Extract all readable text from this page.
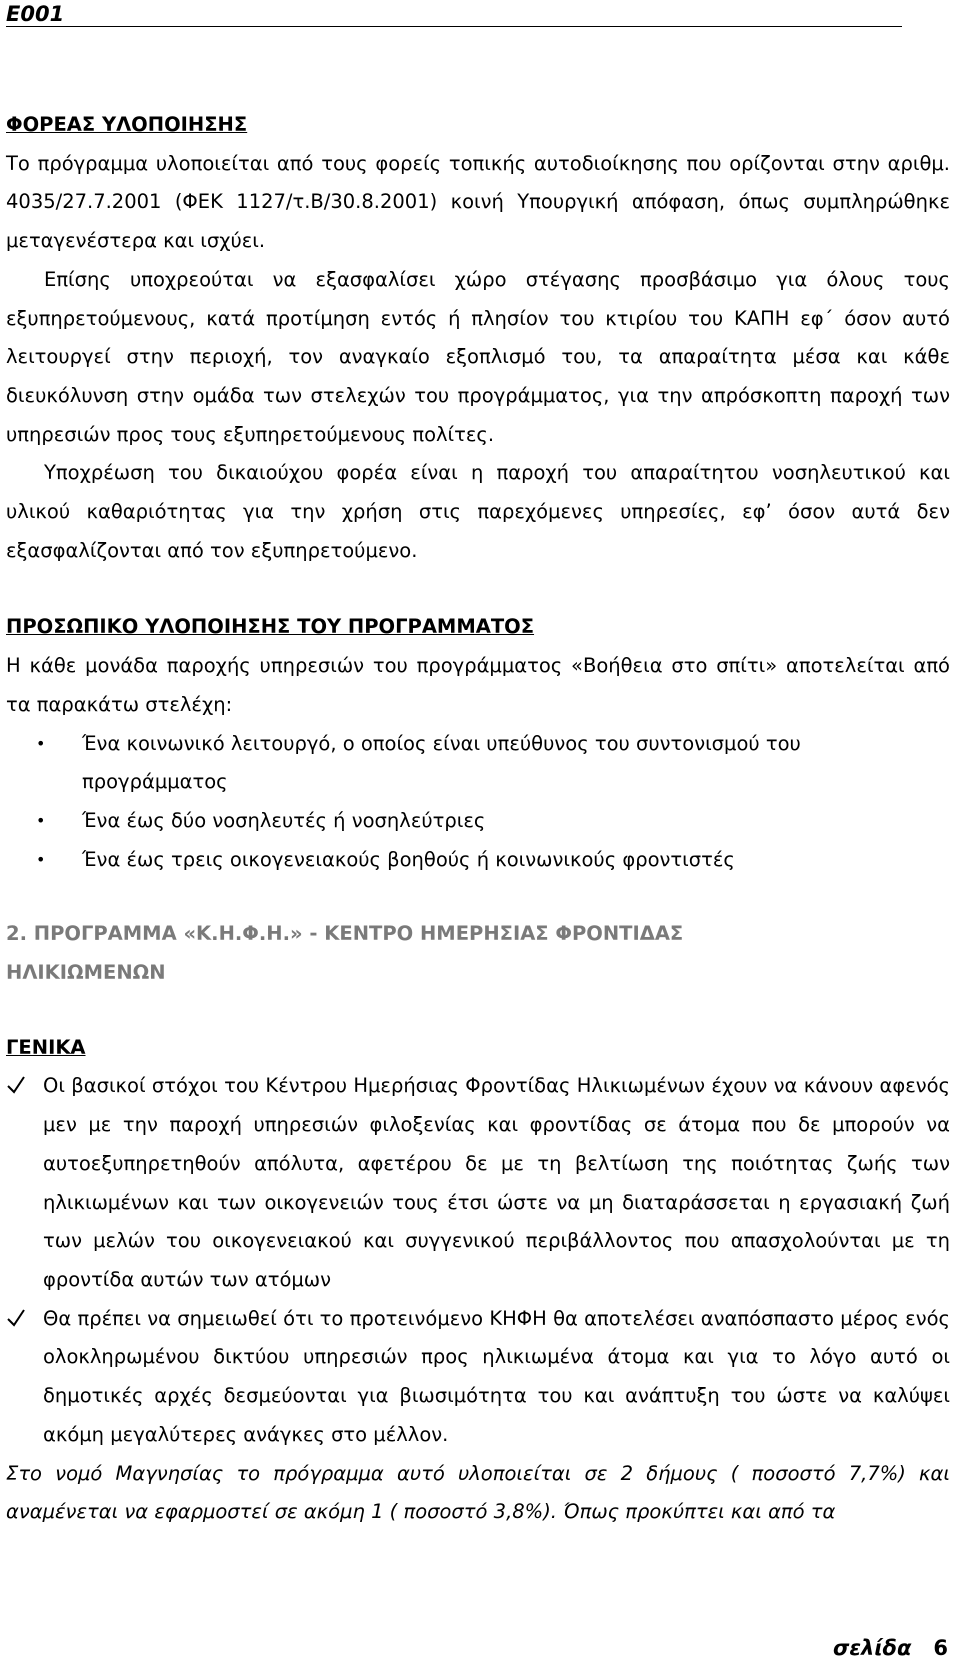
Ε001
ΦΟΡΕΑΣ ΥΛΟΠΟΙΗΣΗΣ

Το πρόγραμμα υλοποιείται από τους φορείς τοπικής αυτοδιοίκησης που ορίζονται στην αριθμ. 4035/27.7.2001 (ΦΕΚ 1127/τ.Β/30.8.2001) κοινή Υπουργική απόφαση, όπως συμπληρώθηκε μεταγενέστερα και ισχύει.

Επίσης υποχρεούται να εξασφαλίσει χώρο στέγασης προσβάσιμο για όλους τους εξυπηρετούμενους, κατά προτίμηση εντός ή πλησίον του κτιρίου του ΚΑΠΗ εφ΄ όσον αυτό λειτουργεί στην περιοχή, τον αναγκαίο εξοπλισμό του, τα απαραίτητα μέσα και κάθε διευκόλυνση στην ομάδα των στελεχών του προγράμματος, για την απρόσκοπτη παροχή των υπηρεσιών προς τους εξυπηρετούμενους πολίτες.

Υποχρέωση του δικαιούχου φορέα είναι η παροχή του απαραίτητου νοσηλευτικού και υλικού καθαριότητας για την χρήση στις παρεχόμενες υπηρεσίες, εφ’ όσον αυτά δεν εξασφαλίζονται από τον εξυπηρετούμενο.

ΠΡΟΣΩΠΙΚΟ ΥΛΟΠΟΙΗΣΗΣ ΤΟΥ ΠΡΟΓΡΑΜΜΑΤΟΣ

Η κάθε μονάδα παροχής υπηρεσιών του προγράμματος «Βοήθεια στο σπίτι» αποτελείται από τα παρακάτω στελέχη:

• Ένα κοινωνικό λειτουργό, ο οποίος είναι υπεύθυνος του συντονισμού του προγράμματος
• Ένα έως δύο νοσηλευτές ή νοσηλεύτριες
• Ένα έως τρεις οικογενειακούς βοηθούς ή κοινωνικούς φροντιστές
2. ΠΡΟΓΡΑΜΜΑ «Κ.Η.Φ.Η.» - ΚΕΝΤΡΟ ΗΜΕΡΗΣΙΑΣ ΦΡΟΝΤΙΔΑΣ ΗΛΙΚΙΩΜΕΝΩΝ
ΓΕΝΙΚΑ
Οι βασικοί στόχοι του Κέντρου Ημερήσιας Φροντίδας Ηλικιωμένων έχουν να κάνουν αφενός μεν με την παροχή υπηρεσιών φιλοξενίας και φροντίδας σε άτομα που δε μπορούν να αυτοεξυπηρετηθούν απόλυτα, αφετέρου δε με τη βελτίωση της ποιότητας ζωής των ηλικιωμένων και των οικογενειών τους έτσι ώστε να μη διαταράσσεται η εργασιακή ζωή των μελών του οικογενειακού και συγγενικού περιβάλλοντος που απασχολούνται με τη φροντίδα αυτών των ατόμων
Θα πρέπει να σημειωθεί ότι το προτεινόμενο ΚΗΦΗ θα αποτελέσει αναπόσπαστο μέρος ενός ολοκληρωμένου δικτύου υπηρεσιών προς ηλικιωμένα άτομα και για το λόγο αυτό οι δημοτικές αρχές δεσμεύονται για βιωσιμότητα του και ανάπτυξη του ώστε να καλύψει ακόμη μεγαλύτερες ανάγκες στο μέλλον.

Στο νομό Μαγνησίας το πρόγραμμα αυτό υλοποιείται σε 2 δήμους ( ποσοστό 7,7%) και αναμένεται να εφαρμοστεί σε ακόμη 1 ( ποσοστό 3,8%). Όπως προκύπτει και από τα

σελίδα 6
